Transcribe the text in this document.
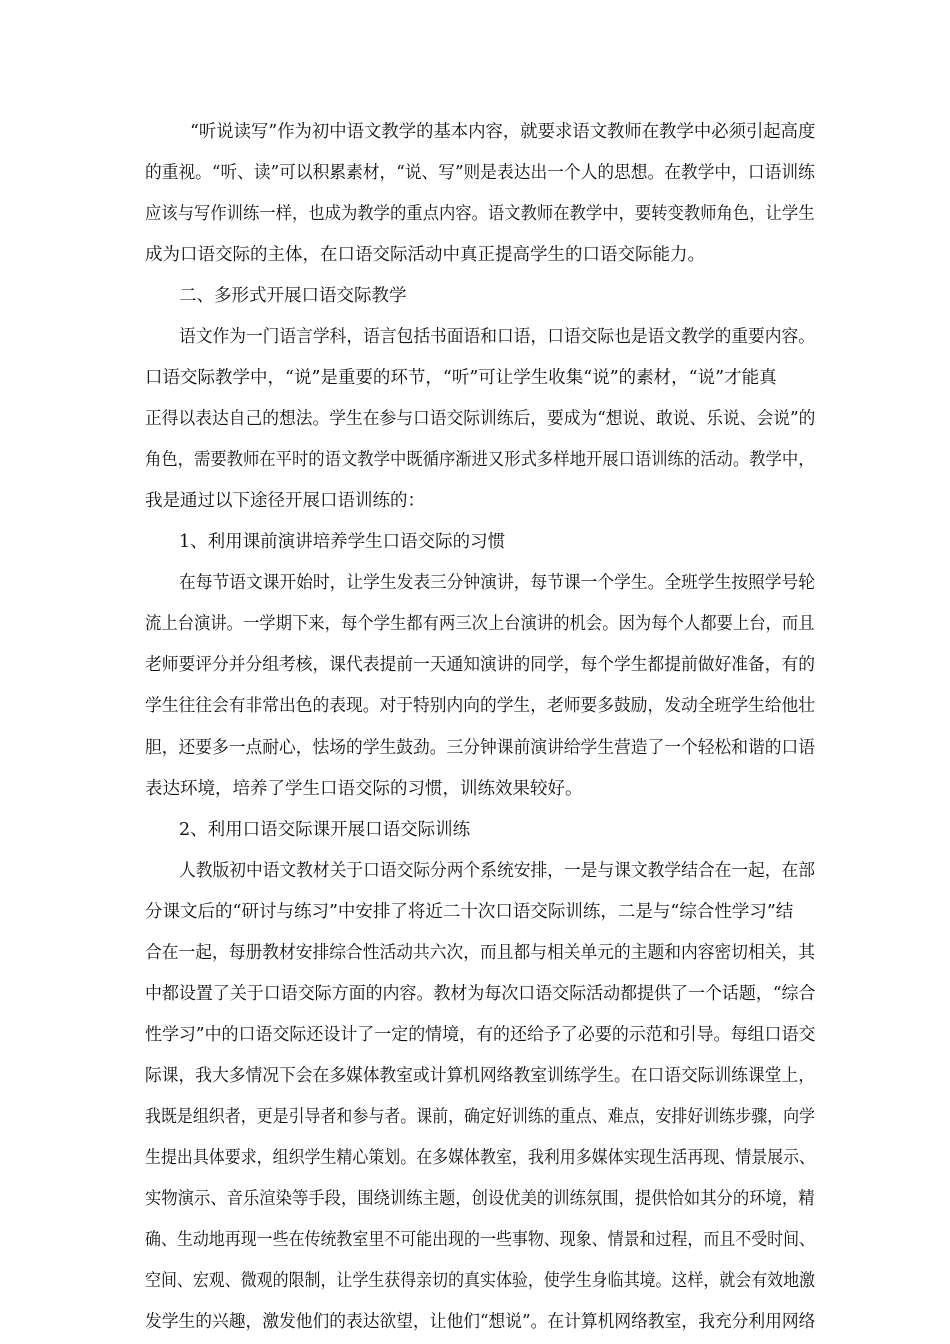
“听说读写”作为初中语文教学的基本内容，就要求语文教师在教学中必须引起高度
的重视。“听、读”可以积累素材，“说、写”则是表达出一个人的思想。在教学中，口语训练
应该与写作训练一样，也成为教学的重点内容。语文教师在教学中，要转变教师角色，让学生
成为口语交际的主体，在口语交际活动中真正提高学生的口语交际能力。
二、多形式开展口语交际教学
语文作为一门语言学科，语言包括书面语和口语，口语交际也是语文教学的重要内容。
口语交际教学中，“说”是重要的环节，“听”可让学生收集“说”的素材，“说”才能真
正得以表达自己的想法。学生在参与口语交际训练后，要成为“想说、敢说、乐说、会说”的
角色，需要教师在平时的语文教学中既循序渐进又形式多样地开展口语训练的活动。教学中，
我是通过以下途径开展口语训练的：
1、利用课前演讲培养学生口语交际的习惯
在每节语文课开始时，让学生发表三分钟演讲，每节课一个学生。全班学生按照学号轮
流上台演讲。一学期下来，每个学生都有两三次上台演讲的机会。因为每个人都要上台，而且
老师要评分并分组考核，课代表提前一天通知演讲的同学，每个学生都提前做好准备，有的
学生往往会有非常出色的表现。对于特别内向的学生，老师要多鼓励，发动全班学生给他壮
胆，还要多一点耐心，怯场的学生鼓劲。三分钟课前演讲给学生营造了一个轻松和谐的口语
表达环境，培养了学生口语交际的习惯，训练效果较好。
2、利用口语交际课开展口语交际训练
人教版初中语文教材关于口语交际分两个系统安排，一是与课文教学结合在一起，在部
分课文后的“研讨与练习”中安排了将近二十次口语交际训练，二是与“综合性学习”结
合在一起，每册教材安排综合性活动共六次，而且都与相关单元的主题和内容密切相关，其
中都设置了关于口语交际方面的内容。教材为每次口语交际活动都提供了一个话题，“综合
性学习”中的口语交际还设计了一定的情境，有的还给予了必要的示范和引导。每组口语交
际课，我大多情况下会在多媒体教室或计算机网络教室训练学生。在口语交际训练课堂上，
我既是组织者，更是引导者和参与者。课前，确定好训练的重点、难点，安排好训练步骤，向学
生提出具体要求，组织学生精心策划。在多媒体教室，我利用多媒体实现生活再现、情景展示、
实物演示、音乐渲染等手段，围绕训练主题，创设优美的训练氛围，提供恰如其分的环境，精
确、生动地再现一些在传统教室里不可能出现的一些事物、现象、情景和过程，而且不受时间、
空间、宏观、微观的限制，让学生获得亲切的真实体验，使学生身临其境。这样，就会有效地激
发学生的兴趣，激发他们的表达欲望，让他们“想说”。在计算机网络教室，我充分利用网络
